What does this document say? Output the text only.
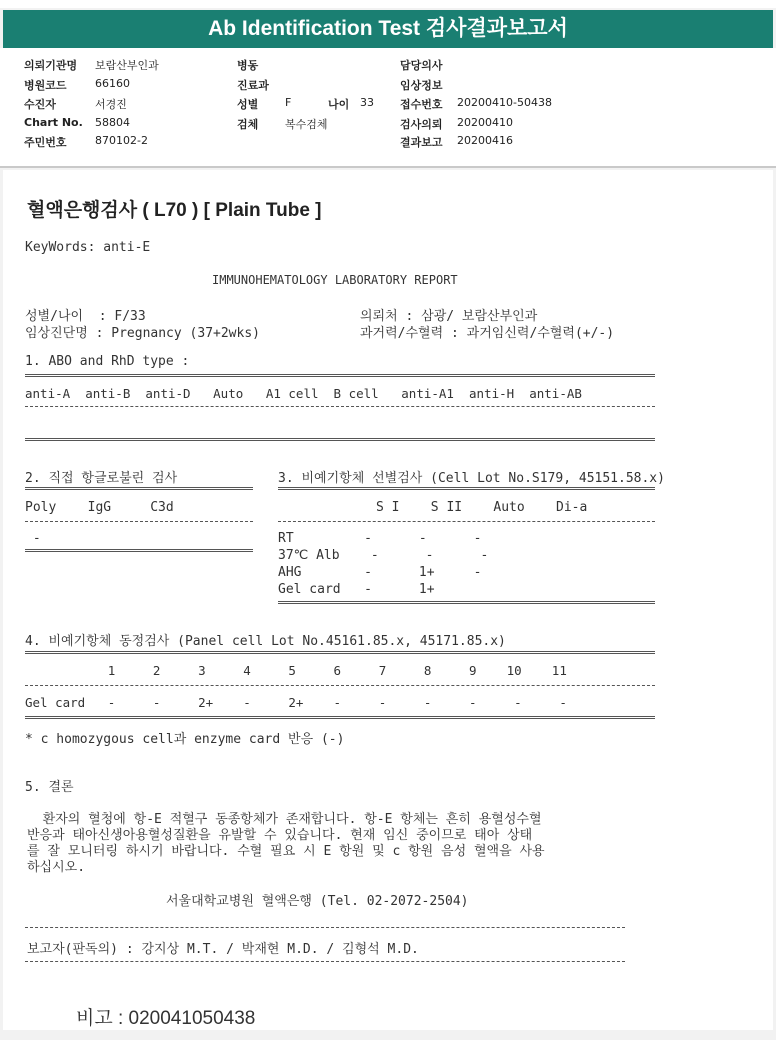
Ab Identification Test 검사결과보고서
의뢰기관명 보람산부인과
병원코드	66160
수진자	서경진
Chart No. 58804
주민번호	870102-2
병동
진료과
성별 F	나이 33
검체 복수검체
담당의사
임상정보
접수번호 20200410-50438
검사의뢰 20200410
결과보고 20200416
혈액은행검사 ( L70 ) [ Plain Tube ]
KeyWords: anti-E
IMMUNOHEMATOLOGY LABORATORY REPORT
성별/나이  : F/33	의뢰처 : 삼광/ 보람산부인과
임상진단명 : Pregnancy (37+2wks)	과거력/수혈력 : 과거임신력/수혈력(+/-)
1. ABO and RhD type :
anti-A  anti-B  anti-D   Auto   A1 cell  B cell   anti-A1  anti-H  anti-AB
2. 직접 항글로불린 검사
Poly    IgG     C3d
-
3. 비예기항체 선별검사 (Cell Lot No.S179, 45151.58.x)
S I    S II    Auto    Di-a
RT         -      -      -
37℃ Alb    -      -      -
AHG        -      1+     -
Gel card   -      1+
4. 비예기항체 동정검사 (Panel cell Lot No.45161.85.x, 45171.85.x)
1     2     3     4     5     6     7     8     9    10    11
Gel card   -     -     2+    -     2+    -     -     -     -     -     -
* c homozygous cell과 enzyme card 반응 (-)
5. 결론
환자의 혈청에 항-E 적혈구 동종항체가 존재합니다. 항-E 항체는 흔히 용혈성수혈
반응과 태아신생아용혈성질환을 유발할 수 있습니다. 현재 임신 중이므로 태아 상태
를 잘 모니터링 하시기 바랍니다. 수혈 필요 시 E 항원 및 c 항원 음성 혈액을 사용
하십시오.
서울대학교병원 혈액은행 (Tel. 02-2072-2504)
보고자(판독의) : 강지상 M.T. / 박재현 M.D. / 김형석 M.D.
비고 : 020041050438
